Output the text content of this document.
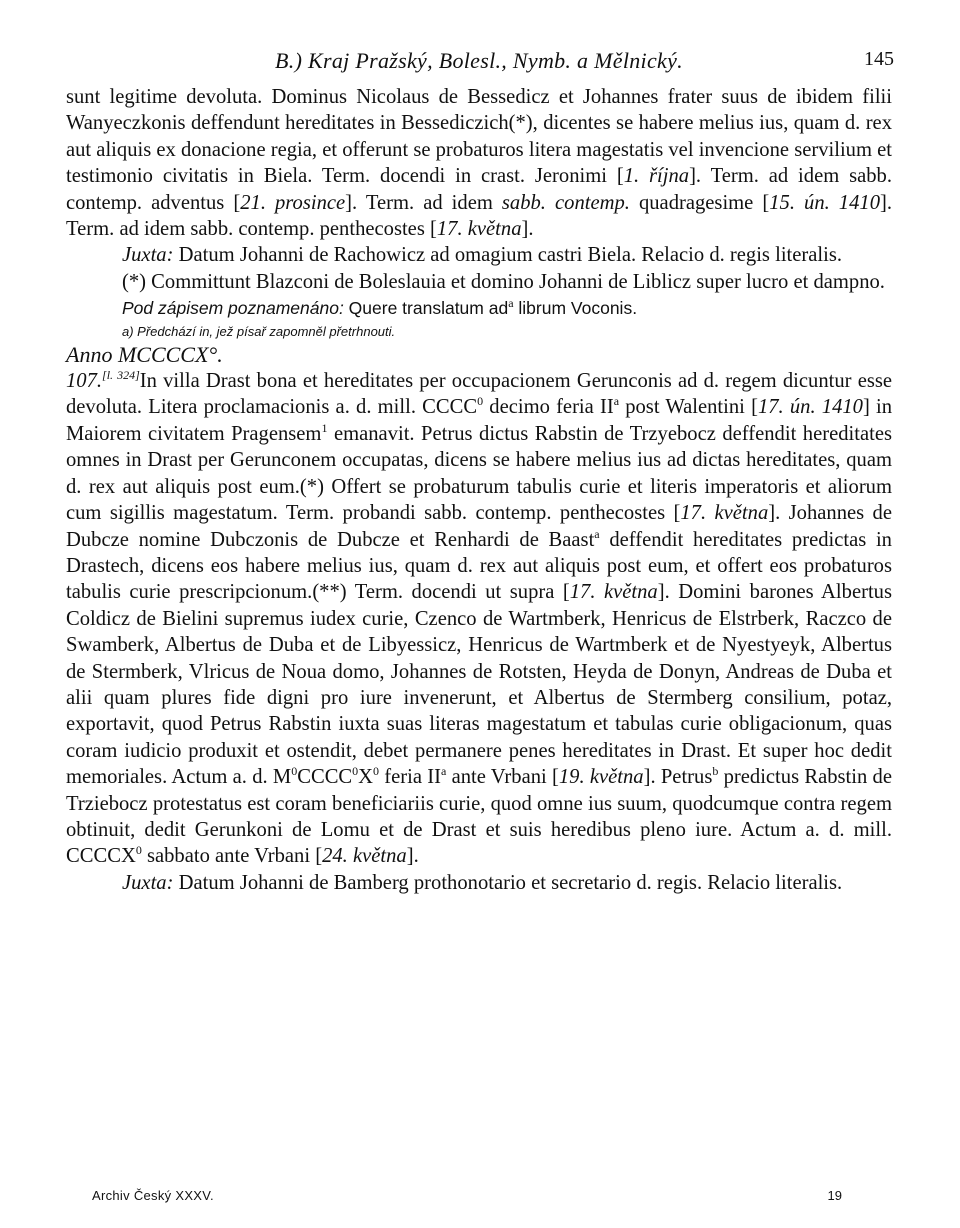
B.) Kraj Pražský, Bolesl., Nymb. a Mělnický.	145

sunt legitime devoluta. Dominus Nicolaus de Bessedicz et Johannes frater suus de ibidem filii Wanyeczkonis deffendunt hereditates in Bessediczich(*), dicentes se habere melius ius, quam d. rex aut aliquis ex donacione regia, et offerunt se probaturos litera magestatis vel invencione servilium et testimonio civitatis in Biela. Term. docendi in crast. Jeronimi [1. října]. Term. ad idem sabb. contemp. adventus [21. prosince]. Term. ad idem sabb. contemp. quadragesime [15. ún. 1410]. Term. ad idem sabb. contemp. penthecostes [17. května].

Juxta: Datum Johanni de Rachowicz ad omagium castri Biela. Relacio d. regis literalis.

(*) Committunt Blazconi de Boleslauia et domino Johanni de Liblicz super lucro et dampno.

Pod zápisem poznamenáno: Quere translatum $ad^a$ librum Voconis.

a) Předchází in, jež písař zapomněl přetrhnouti.

Anno MCCCCX°.

107.[l. 324]In villa Drast bona et hereditates per occupacionem Gerunconis ad d. regem dicuntur esse devoluta. Litera proclamacionis a. d. mill. CCCC$^0$ decimo feria $II^a$ post Walentini [17. ún. 1410] in Maiorem civitatem Pragensem$^1$ emanavit. Petrus dictus Rabstin de Trzyebocz deffendit hereditates omnes in Drast per Gerunconem occupatas, dicens se habere melius ius ad dictas hereditates, quam d. rex aut aliquis post eum.(*) Offert se probaturum tabulis curie et literis imperatoris et aliorum cum sigillis magestatum. Term. probandi sabb. contemp. penthecostes [17. května]. Johannes de Dubcze nomine Dubczonis de Dubcze et Renhardi de Baast$^a$ deffendit hereditates predictas in Drastech, dicens eos habere melius ius, quam d. rex aut aliquis post eum, et offert eos probaturos tabulis curie prescripcionum.(**) Term. docendi ut supra [17. května]. Domini barones Albertus Coldicz de Bielini supremus iudex curie, Czenco de Wartmberk, Henricus de Elstrberk, Raczco de Swamberk, Albertus de Duba et de Libyessicz, Henricus de Wartmberk et de Nyestyeyk, Albertus de Stermberk, Vlricus de Noua domo, Johannes de Rotsten, Heyda de Donyn, Andreas de Duba et alii quam plures fide digni pro iure invenerunt, et Albertus de Stermberg consilium, potaz, exportavit, quod Petrus Rabstin iuxta suas literas magestatum et tabulas curie obligacionum, quas coram iudicio produxit et ostendit, debet permanere penes hereditates in Drast. Et super hoc dedit memoriales. Actum a. d. $M^0CCCC^0X^0$ feria $II^a$ ante Vrbani [19. května]. Petrus$^b$ predictus Rabstin de Trziebocz protestatus est coram beneficiariis curie, quod omne ius suum, quodcumque contra regem obtinuit, dedit Gerunkoni de Lomu et de Drast et suis heredibus pleno iure. Actum a. d. mill. CCCCX$^0$ sabbato ante Vrbani [24. května].

Juxta: Datum Johanni de Bamberg prothonotario et secretario d. regis. Relacio literalis.

Archiv Český XXXV.	19
